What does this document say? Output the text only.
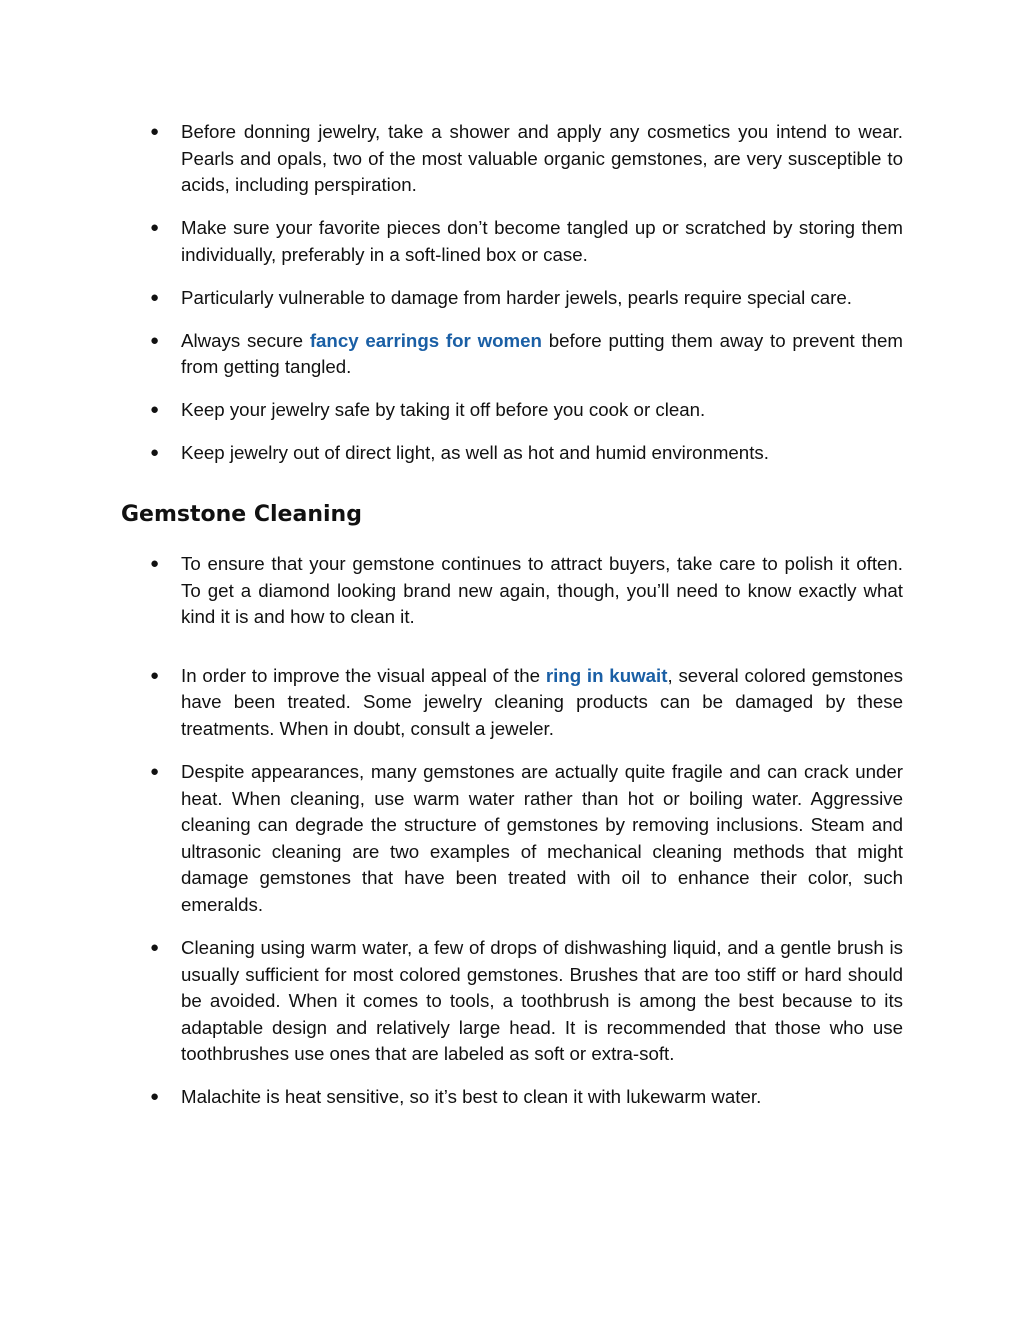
● Before donning jewelry, take a shower and apply any cosmetics you intend to wear. Pearls and opals, two of the most valuable organic gemstones, are very susceptible to acids, including perspiration.
● Make sure your favorite pieces don’t become tangled up or scratched by storing them individually, preferably in a soft-lined box or case.
● Particularly vulnerable to damage from harder jewels, pearls require special care.
● Always secure fancy earrings for women before putting them away to prevent them from getting tangled.
● Keep your jewelry safe by taking it off before you cook or clean.
● Keep jewelry out of direct light, as well as hot and humid environments.
Gemstone Cleaning
● To ensure that your gemstone continues to attract buyers, take care to polish it often. To get a diamond looking brand new again, though, you’ll need to know exactly what kind it is and how to clean it.
● In order to improve the visual appeal of the ring in kuwait, several colored gemstones have been treated. Some jewelry cleaning products can be damaged by these treatments. When in doubt, consult a jeweler.
● Despite appearances, many gemstones are actually quite fragile and can crack under heat. When cleaning, use warm water rather than hot or boiling water. Aggressive cleaning can degrade the structure of gemstones by removing inclusions. Steam and ultrasonic cleaning are two examples of mechanical cleaning methods that might damage gemstones that have been treated with oil to enhance their color, such emeralds.
● Cleaning using warm water, a few of drops of dishwashing liquid, and a gentle brush is usually sufficient for most colored gemstones. Brushes that are too stiff or hard should be avoided. When it comes to tools, a toothbrush is among the best because to its adaptable design and relatively large head. It is recommended that those who use toothbrushes use ones that are labeled as soft or extra-soft.
● Malachite is heat sensitive, so it’s best to clean it with lukewarm water.
